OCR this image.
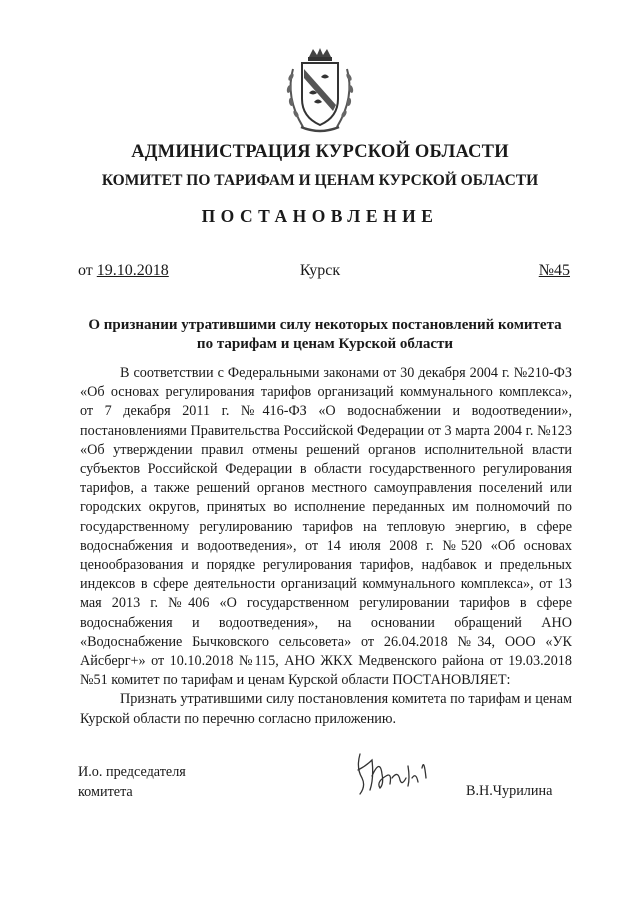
АДМИНИСТРАЦИЯ КУРСКОЙ ОБЛАСТИ
КОМИТЕТ ПО ТАРИФАМ И ЦЕНАМ КУРСКОЙ ОБЛАСТИ
ПОСТАНОВЛЕНИЕ
от 19.10.2018	Курск	№45
О признании утратившими силу некоторых постановлений комитета по тарифам и ценам Курской области

В соответствии с Федеральными законами от 30 декабря 2004 г. №210-ФЗ «Об основах регулирования тарифов организаций коммунального комплекса», от 7 декабря 2011 г. №416-ФЗ «О водоснабжении и водоотведении», постановлениями Правительства Российской Федерации от 3 марта 2004 г. №123 «Об утверждении правил отмены решений органов исполнительной власти субъектов Российской Федерации в области государственного регулирования тарифов, а также решений органов местного самоуправления поселений или городских округов, принятых во исполнение переданных им полномочий по государственному регулированию тарифов на тепловую энергию, в сфере водоснабжения и водоотведения», от 14 июля 2008 г. №520 «Об основах ценообразования и порядке регулирования тарифов, надбавок и предельных индексов в сфере деятельности организаций коммунального комплекса», от 13 мая 2013 г. №406 «О государственном регулировании тарифов в сфере водоснабжения и водоотведения», на основании обращений АНО «Водоснабжение Бычковского сельсовета» от 26.04.2018 №34, ООО «УК Айсберг+» от 10.10.2018 №115, АНО ЖКХ Медвенского района от 19.03.2018 №51 комитет по тарифам и ценам Курской области ПОСТАНОВЛЯЕТ:

Признать утратившими силу постановления комитета по тарифам и ценам Курской области по перечню согласно приложению.

И.о. председателя
комитета	В.Н.Чурилина
